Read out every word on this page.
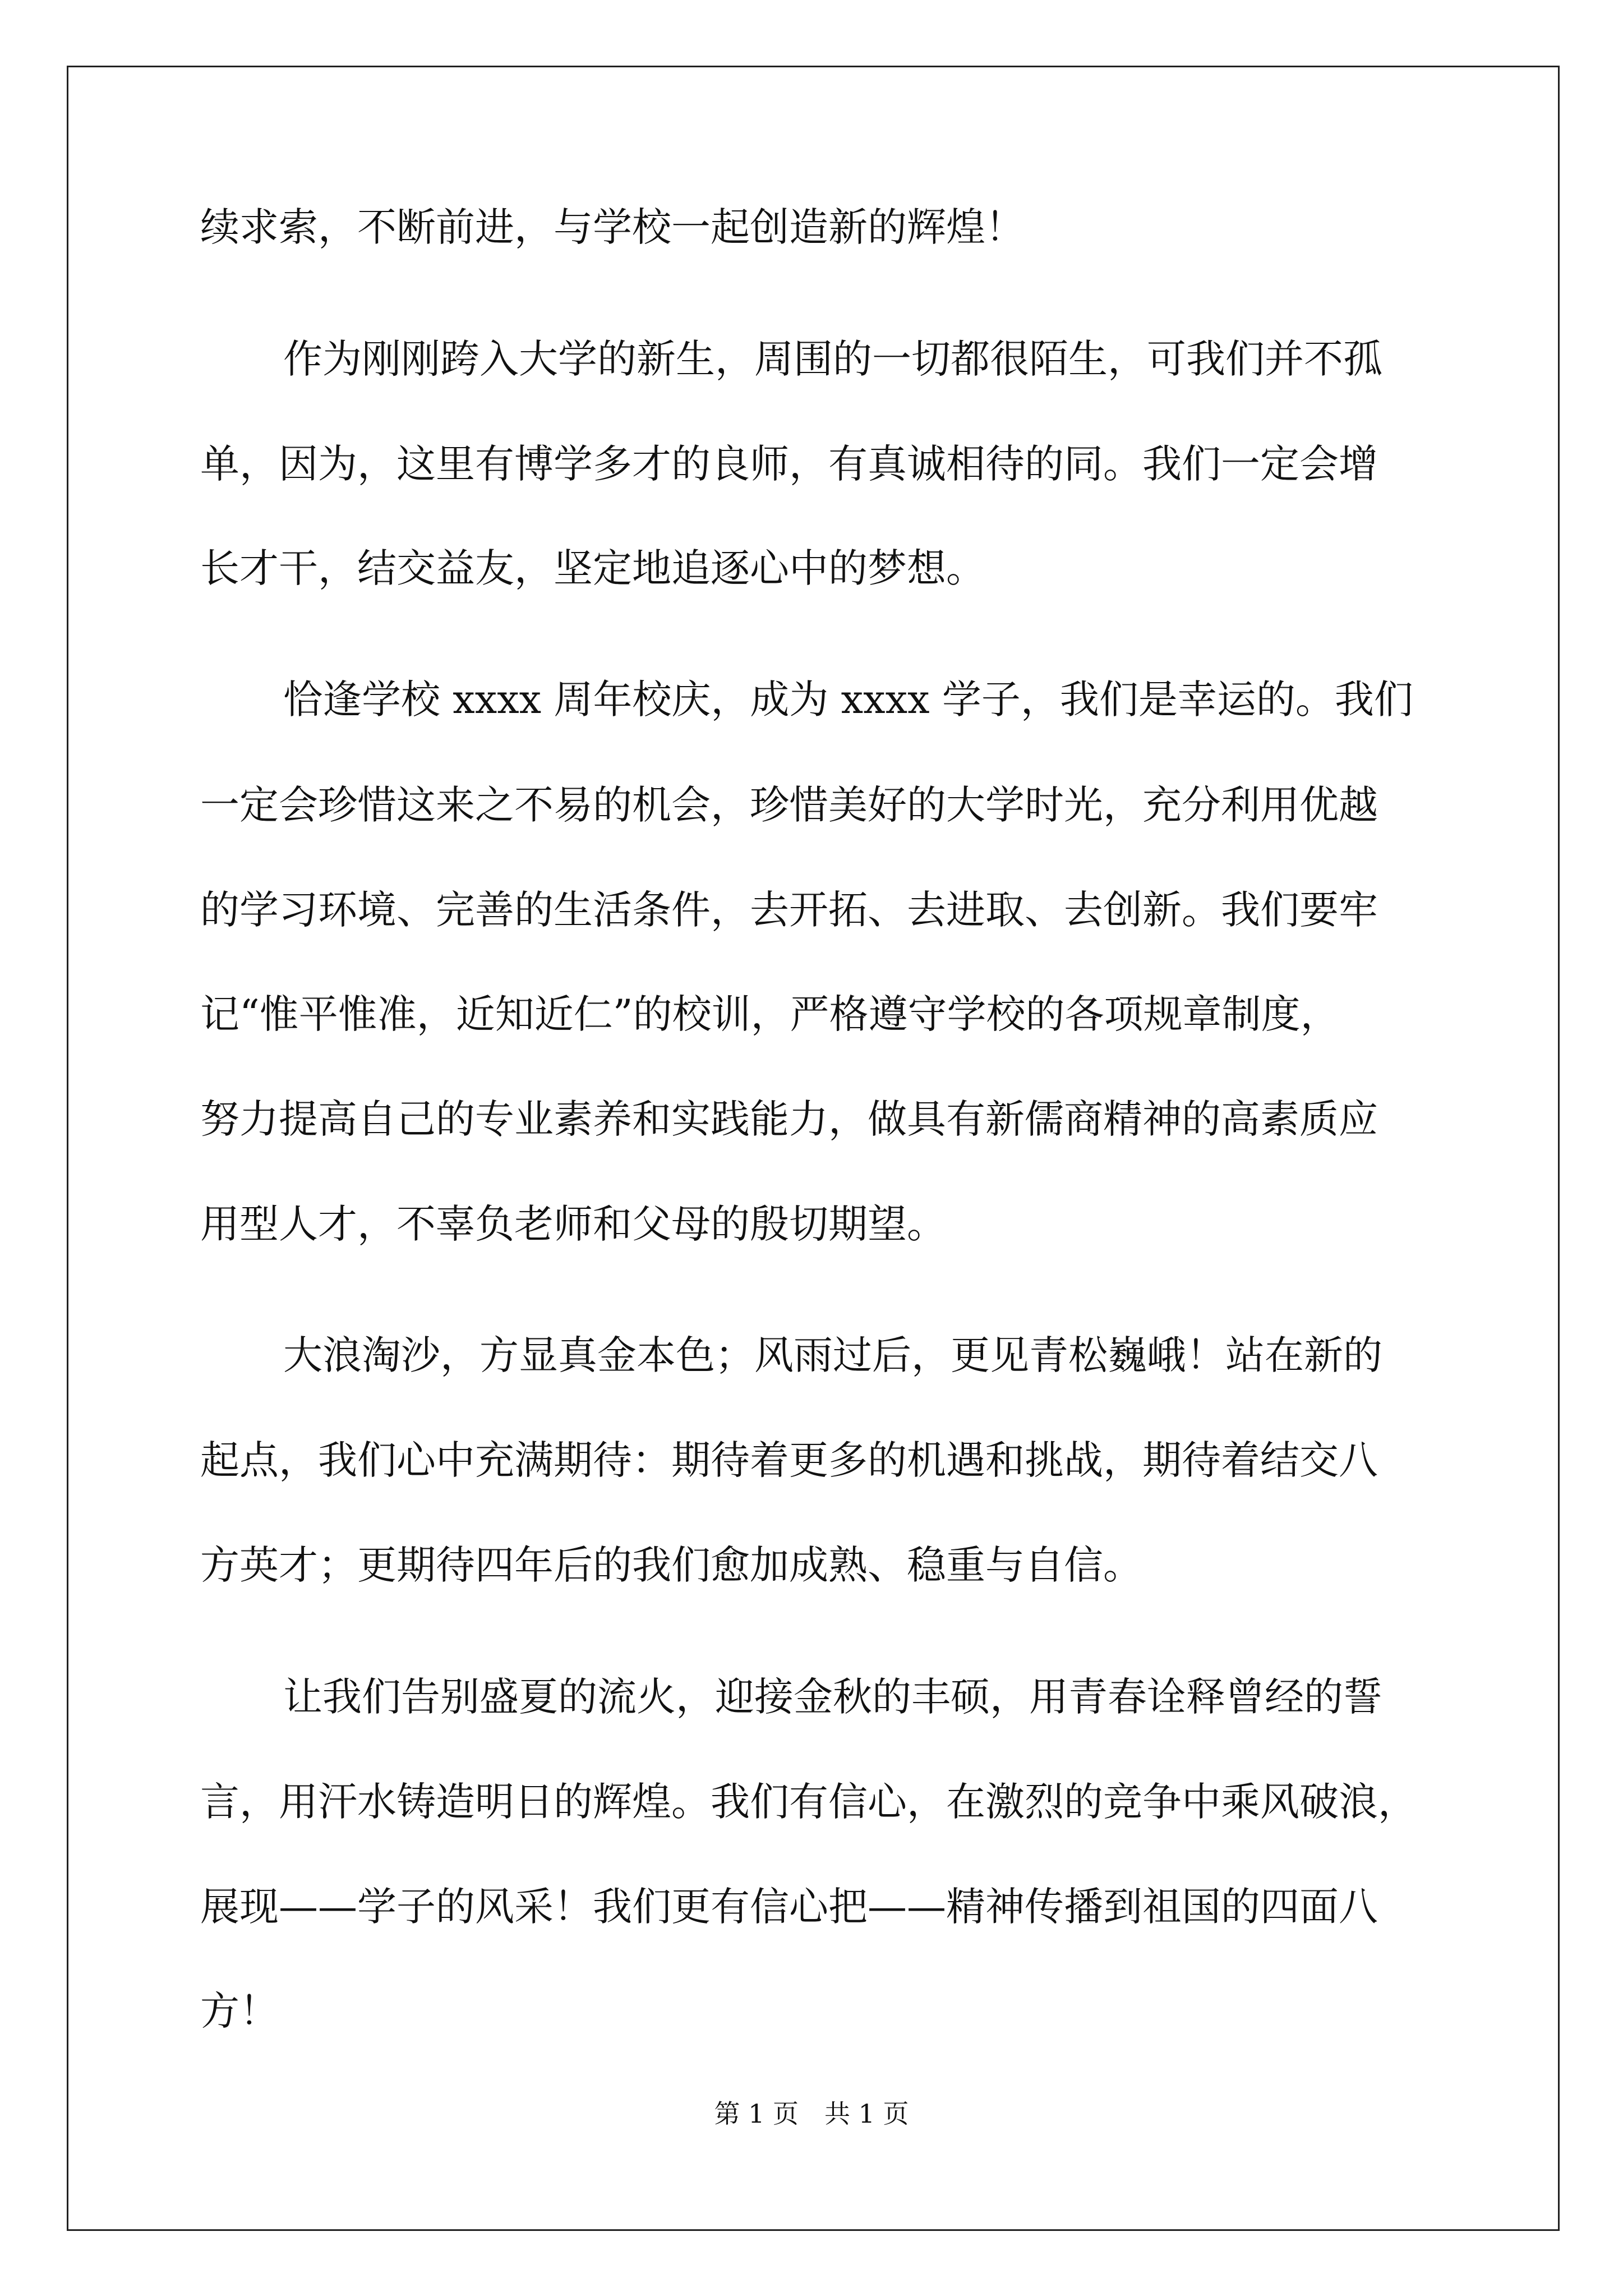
续求索，不断前进，与学校一起创造新的辉煌！
作为刚刚跨入大学的新生，周围的一切都很陌生，可我们并不孤
单，因为，这里有博学多才的良师，有真诚相待的同。我们一定会增
长才干，结交益友，坚定地追逐心中的梦想。
恰逢学校 xxxx 周年校庆，成为 xxxx 学子，我们是幸运的。我们
一定会珍惜这来之不易的机会，珍惜美好的大学时光，充分利用优越
的学习环境、完善的生活条件，去开拓、去进取、去创新。我们要牢
记“惟平惟准，近知近仁”的校训，严格遵守学校的各项规章制度，
努力提高自己的专业素养和实践能力，做具有新儒商精神的高素质应
用型人才，不辜负老师和父母的殷切期望。
大浪淘沙，方显真金本色；风雨过后，更见青松巍峨！站在新的
起点，我们心中充满期待：期待着更多的机遇和挑战，期待着结交八
方英才；更期待四年后的我们愈加成熟、稳重与自信。
让我们告别盛夏的流火，迎接金秋的丰硕，用青春诠释曾经的誓
言，用汗水铸造明日的辉煌。我们有信心，在激烈的竞争中乘风破浪，
展现——学子的风采！我们更有信心把——精神传播到祖国的四面八
方！
第 1 页　共 1 页
